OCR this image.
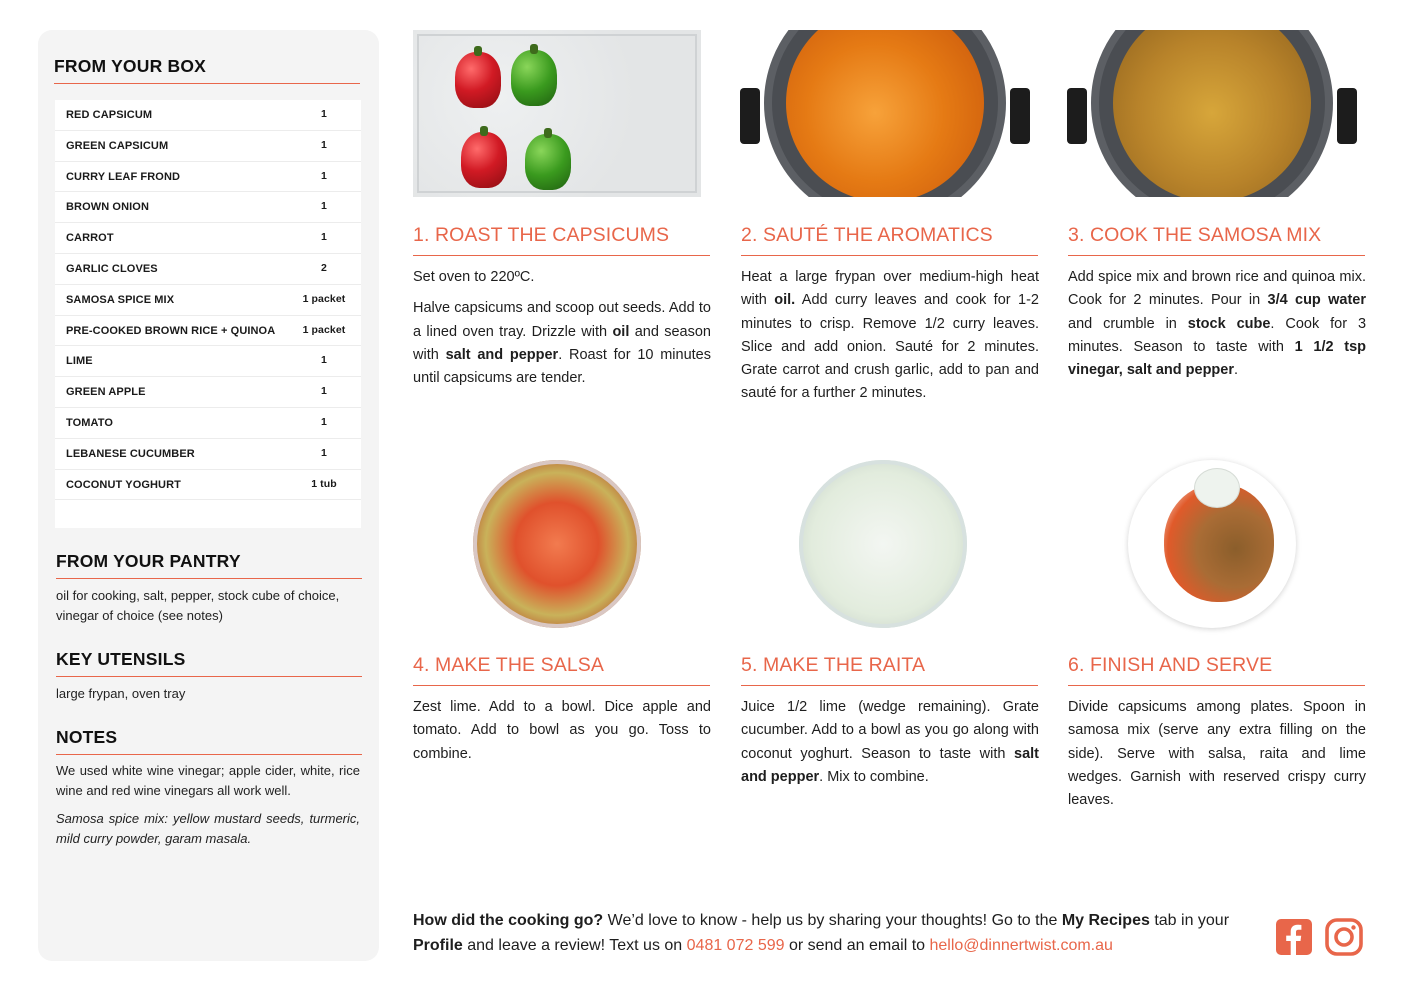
FROM YOUR BOX
RED CAPSICUM	1
GREEN CAPSICUM	1
CURRY LEAF FROND	1
BROWN ONION	1
CARROT	1
GARLIC CLOVES	2
SAMOSA SPICE MIX	1 packet
PRE-COOKED BROWN RICE + QUINOA	1 packet
LIME	1
GREEN APPLE	1
TOMATO	1
LEBANESE CUCUMBER	1
COCONUT YOGHURT	1 tub
FROM YOUR PANTRY
oil for cooking, salt, pepper, stock cube of choice, vinegar of choice (see notes)
KEY UTENSILS
large frypan, oven tray
NOTES
We used white wine vinegar; apple cider, white, rice wine and red wine vinegars all work well.
Samosa spice mix: yellow mustard seeds, turmeric, mild curry powder, garam masala.
1. ROAST THE CAPSICUMS	2. SAUTÉ THE AROMATICS	3. COOK THE SAMOSA MIX

Set oven to 220ºC.

Halve capsicums and scoop out seeds. Add to a lined oven tray. Drizzle with oil and season with salt and pepper. Roast for 10 minutes until capsicums are tender.

Heat a large frypan over medium-high heat with oil. Add curry leaves and cook for 1-2 minutes to crisp. Remove 1/2 curry leaves. Slice and add onion. Sauté for 2 minutes. Grate carrot and crush garlic, add to pan and sauté for a further 2 minutes.

Add spice mix and brown rice and quinoa mix. Cook for 2 minutes. Pour in 3/4 cup water and crumble in stock cube. Cook for 3 minutes. Season to taste with 1 1/2 tsp vinegar, salt and pepper.

4. MAKE THE SALSA	5. MAKE THE RAITA	6. FINISH AND SERVE

Zest lime. Add to a bowl. Dice apple and tomato. Add to bowl as you go. Toss to combine.

Juice 1/2 lime (wedge remaining). Grate cucumber. Add to a bowl as you go along with coconut yoghurt. Season to taste with salt and pepper. Mix to combine.

Divide capsicums among plates. Spoon in samosa mix (serve any extra filling on the side). Serve with salsa, raita and lime wedges. Garnish with reserved crispy curry leaves.

How did the cooking go? We’d love to know - help us by sharing your thoughts! Go to the My Recipes tab in your Profile and leave a review! Text us on 0481 072 599 or send an email to hello@dinnertwist.com.au
